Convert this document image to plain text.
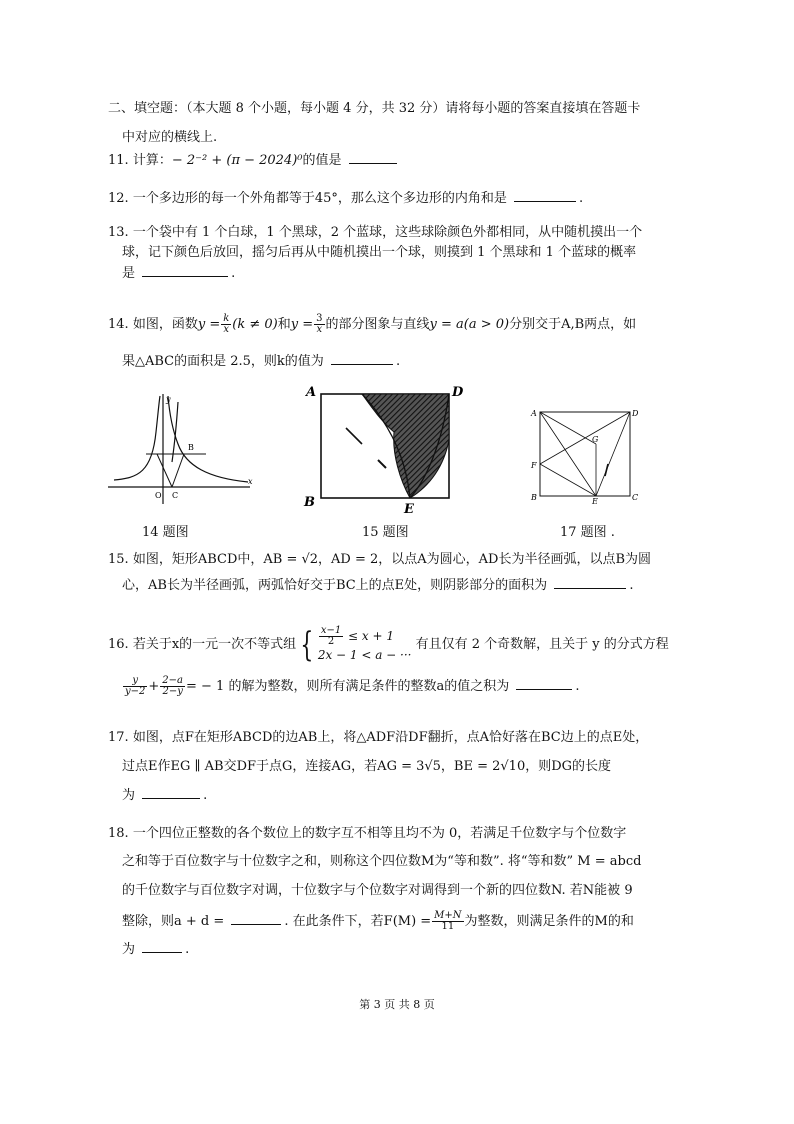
二、填空题：（本大题 8 个小题，每小题 4 分，共 32 分）请将每小题的答案直接填在答题卡
中对应的横线上.
11. 计算：− 2⁻² + (π − 2024)⁰的值是
12. 一个多边形的每一个外角都等于45°，那么这个多边形的内角和是	.
13. 一个袋中有 1 个白球，1 个黑球，2 个蓝球，这些球除颜色外都相同，从中随机摸出一个
球，记下颜色后放回，摇匀后再从中随机摸出一个球，则摸到 1 个黑球和 1 个蓝球的概率
是	.
14. 如图，函数$y = \frac{k}{x} (k \ne 0)$和$y = \frac{3}{x}$ 的部分图象与直线y = a(a > 0)分别交于A,B两点，如
果△ABC的面积是 2.5，则k的值为	.
B
O C
x
y
14 题图
A	D
B	E
15 题图
A	D
G
F
B	E	C
17 题图 .
15. 如图，矩形ABCD中，AB = √2，AD = 2，以点A为圆心，AD长为半径画弧，以点B为圆
心，AB长为半径画弧，两弧恰好交于BC上的点E处，则阴影部分的面积为	.
16. 若关于x的一元一次不等式组 { $\frac{x-1}{2} \le x + 1$
2x − 1 < a − ··· 有且仅有 2 个奇数解，且关于 y 的分式方程
$\frac{y}{y-2} + \frac{2-a}{2-y}$ = − 1 的解为整数，则所有满足条件的整数a的值之积为	.
17. 如图，点F在矩形ABCD的边AB上，将△ADF沿DF翻折，点A恰好落在BC边上的点E处，
过点E作EG ∥ AB交DF于点G，连接AG，若AG = 3√5，BE = 2√10，则DG的长度
为	.
18. 一个四位正整数的各个数位上的数字互不相等且均不为 0，若满足千位数字与个位数字
之和等于百位数字与十位数字之和，则称这个四位数M为“等和数”. 将“等和数” M = abcd
的千位数字与百位数字对调，十位数字与个位数字对调得到一个新的四位数N. 若N能被 9
整除，则a + d =	. 在此条件下，若$F(M) = \frac{M+N}{11}$ 为整数，则满足条件的M的和
为	.
第 3 页 共 8 页
